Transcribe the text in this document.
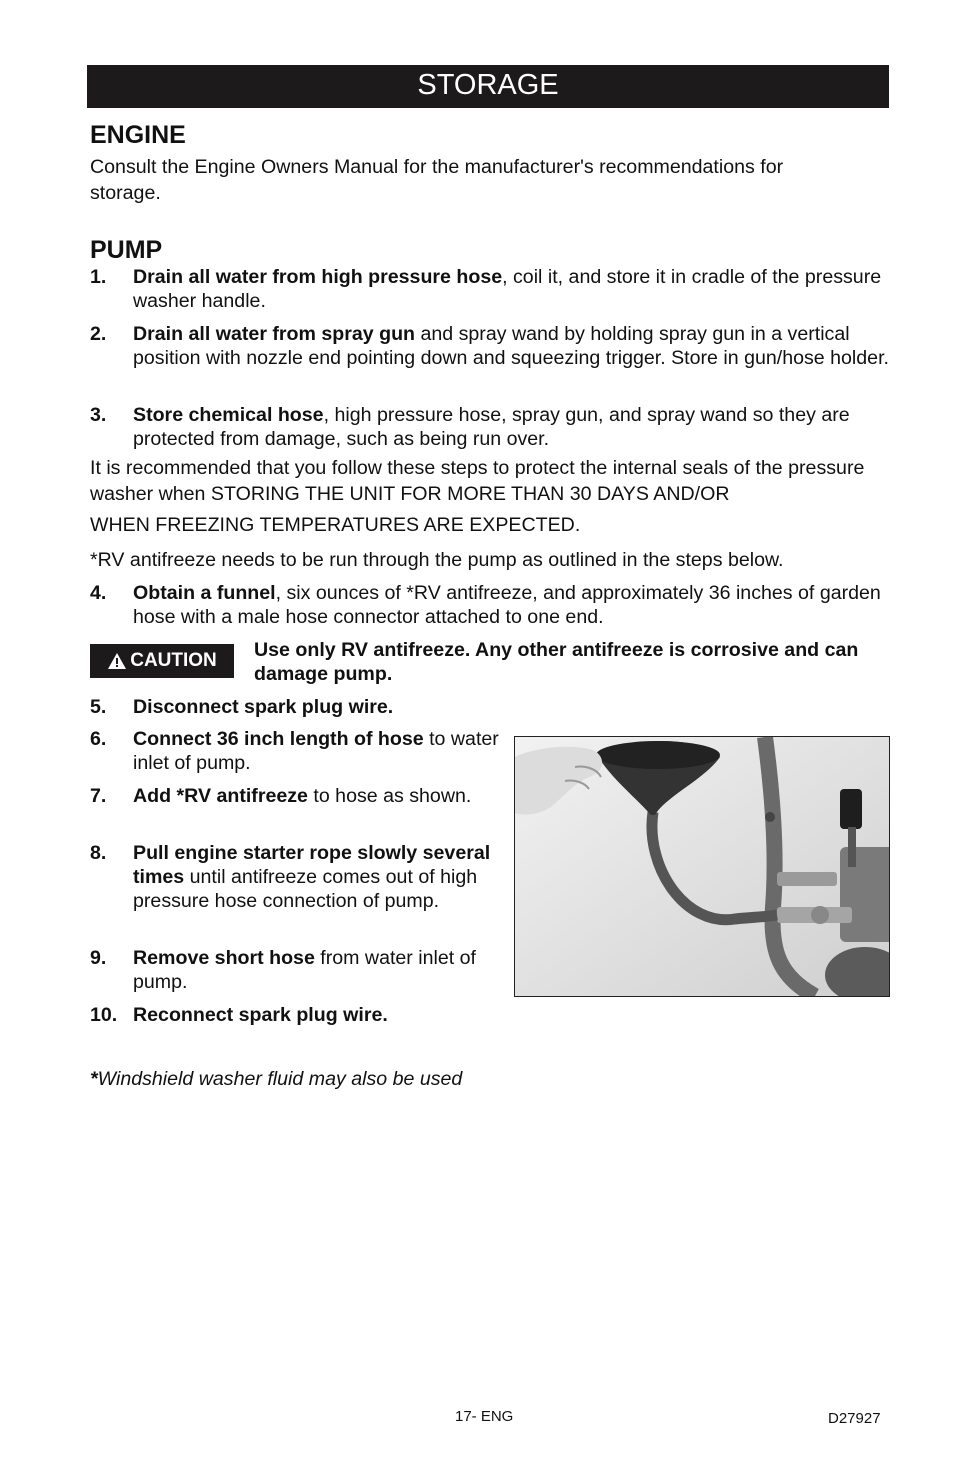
STORAGE
ENGINE
Consult the Engine Owners Manual for the manufacturer's recommendations for storage.
PUMP
1. Drain all water from high pressure hose, coil it, and store it in cradle of the pressure washer handle.
2. Drain all water from spray gun and spray wand by holding spray gun in a vertical position with nozzle end pointing down and squeezing trigger. Store in gun/hose holder.
3. Store chemical hose, high pressure hose, spray gun, and spray wand so they are protected from damage, such as being run over.
It is recommended that you follow these steps to protect the internal seals of the pressure washer when STORING THE UNIT FOR MORE THAN 30 DAYS AND/OR
WHEN FREEZING TEMPERATURES ARE EXPECTED.
*RV antifreeze needs to be run through the pump as outlined in the steps below.
4. Obtain a funnel, six ounces of *RV antifreeze, and approximately 36 inches of garden hose with a male hose connector attached to one end.
CAUTION Use only RV antifreeze. Any other antifreeze is corrosive and can damage pump.
5. Disconnect spark plug wire.
6. Connect 36 inch length of hose to water inlet of pump.
7. Add *RV antifreeze to hose as shown.
8. Pull engine starter rope slowly several times until antifreeze comes out of high pressure hose connection of pump.
9. Remove short hose from water inlet of pump.
10. Reconnect spark plug wire.
*Windshield washer fluid may also be used
17- ENG	D27927
